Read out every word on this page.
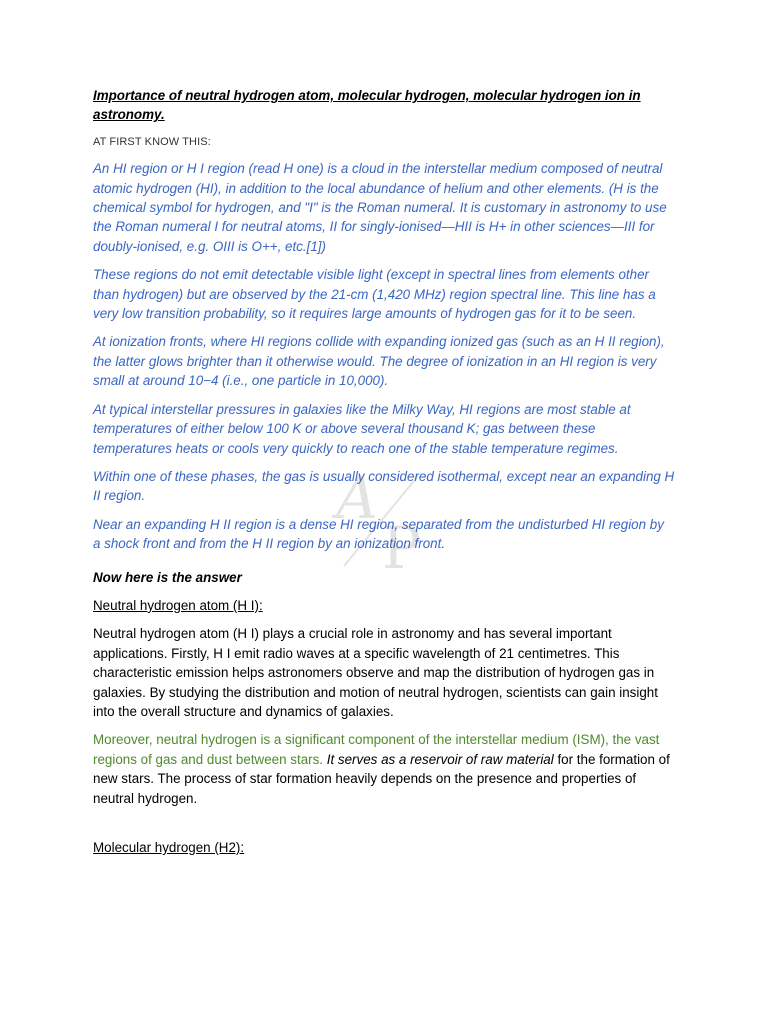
Importance of neutral hydrogen atom, molecular hydrogen, molecular hydrogen ion in astronomy.

AT FIRST KNOW THIS:

An HI region or H I region (read H one) is a cloud in the interstellar medium composed of neutral atomic hydrogen (HI), in addition to the local abundance of helium and other elements. (H is the chemical symbol for hydrogen, and "I" is the Roman numeral. It is customary in astronomy to use the Roman numeral I for neutral atoms, II for singly-ionised—HII is H+ in other sciences—III for doubly-ionised, e.g. OIII is O++, etc.[1])

These regions do not emit detectable visible light (except in spectral lines from elements other than hydrogen) but are observed by the 21-cm (1,420 MHz) region spectral line. This line has a very low transition probability, so it requires large amounts of hydrogen gas for it to be seen.

At ionization fronts, where HI regions collide with expanding ionized gas (such as an H II region), the latter glows brighter than it otherwise would. The degree of ionization in an HI region is very small at around 10−4 (i.e., one particle in 10,000).

At typical interstellar pressures in galaxies like the Milky Way, HI regions are most stable at temperatures of either below 100 K or above several thousand K; gas between these temperatures heats or cools very quickly to reach one of the stable temperature regimes.

Within one of these phases, the gas is usually considered isothermal, except near an expanding H II region.

Near an expanding H II region is a dense HI region, separated from the undisturbed HI region by a shock front and from the H II region by an ionization front.

Now here is the answer

Neutral hydrogen atom (H I):

Neutral hydrogen atom (H I) plays a crucial role in astronomy and has several important applications. Firstly, H I emit radio waves at a specific wavelength of 21 centimetres. This characteristic emission helps astronomers observe and map the distribution of hydrogen gas in galaxies. By studying the distribution and motion of neutral hydrogen, scientists can gain insight into the overall structure and dynamics of galaxies.

Moreover, neutral hydrogen is a significant component of the interstellar medium (ISM), the vast regions of gas and dust between stars. It serves as a reservoir of raw material for the formation of new stars. The process of star formation heavily depends on the presence and properties of neutral hydrogen.

Molecular hydrogen (H2):

A
P
